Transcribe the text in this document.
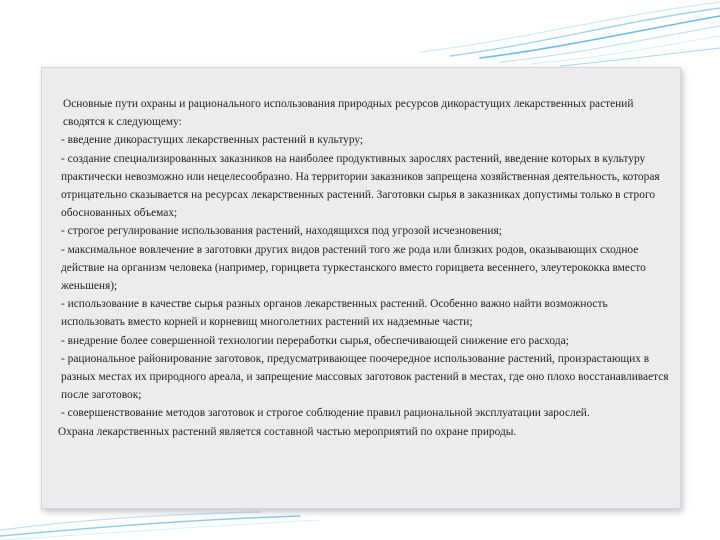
Основные пути охраны и рационального использования природных ресурсов дикорастущих лекарственных растений сводятся к следующему:

- введение дикорастущих лекарственных растений в культуру;

- создание специализированных заказников на наиболее продуктивных зарослях растений, введение которых в культуру практически невозможно или нецелесообразно. На территории заказников запрещена хозяйственная деятельность, которая отрицательно сказывается на ресурсах лекарственных растений. Заготовки сырья в заказниках допустимы только в строго обоснованных объемах;

- строгое регулирование использования растений, находящихся под угрозой исчезновения;

- максимальное вовлечение в заготовки других видов растений того же рода или близких родов, оказывающих сходное действие на организм человека (например, горицвета туркестанского вместо горицвета весеннего, элеутерококка вместо женьшеня);

- использование в качестве сырья разных органов лекарственных растений. Особенно важно найти возможность использовать вместо корней и корневищ многолетних растений их надземные части;

- внедрение более совершенной технологии переработки сырья, обеспечивающей снижение его расхода;

- рациональное районирование заготовок, предусматривающее поочередное использование растений, произрастающих в разных местах их природного ареала, и запрещение массовых заготовок растений в местах, где оно плохо восстанавливается после заготовок;

- совершенствование методов заготовок и строгое соблюдение правил рациональной эксплуатации зарослей.

Охрана лекарственных растений является составной частью мероприятий по охране природы.
